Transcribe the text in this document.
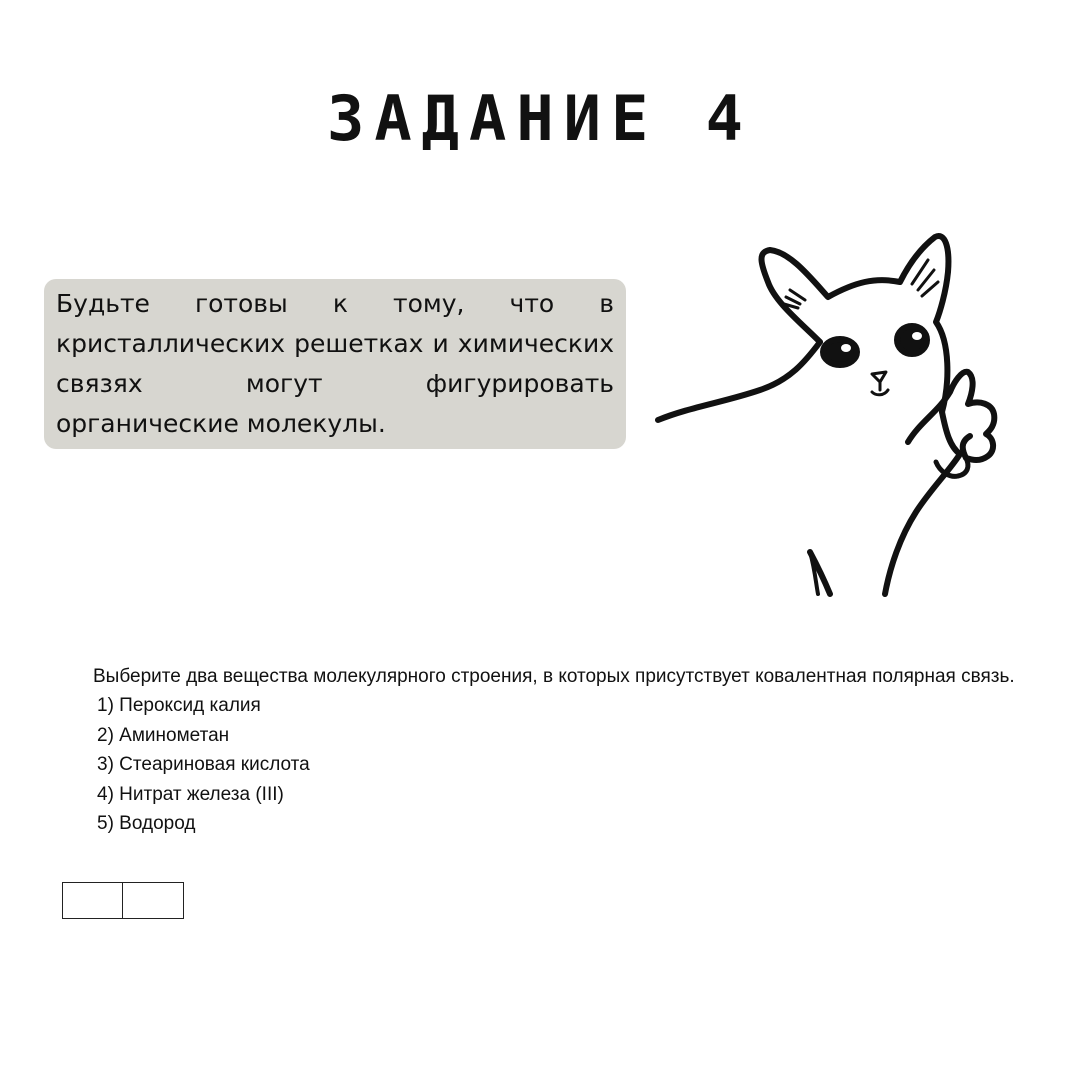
ЗАДАНИЕ 4
Будьте готовы к тому, что в кристаллических решетках и химических связях могут фигурировать органические молекулы.

Выберите два вещества молекулярного строения, в которых присутствует ковалентная полярная связь.

1) Пероксид калия
2) Аминометан
3) Стеариновая кислота
4) Нитрат железа (III)
5) Водород
